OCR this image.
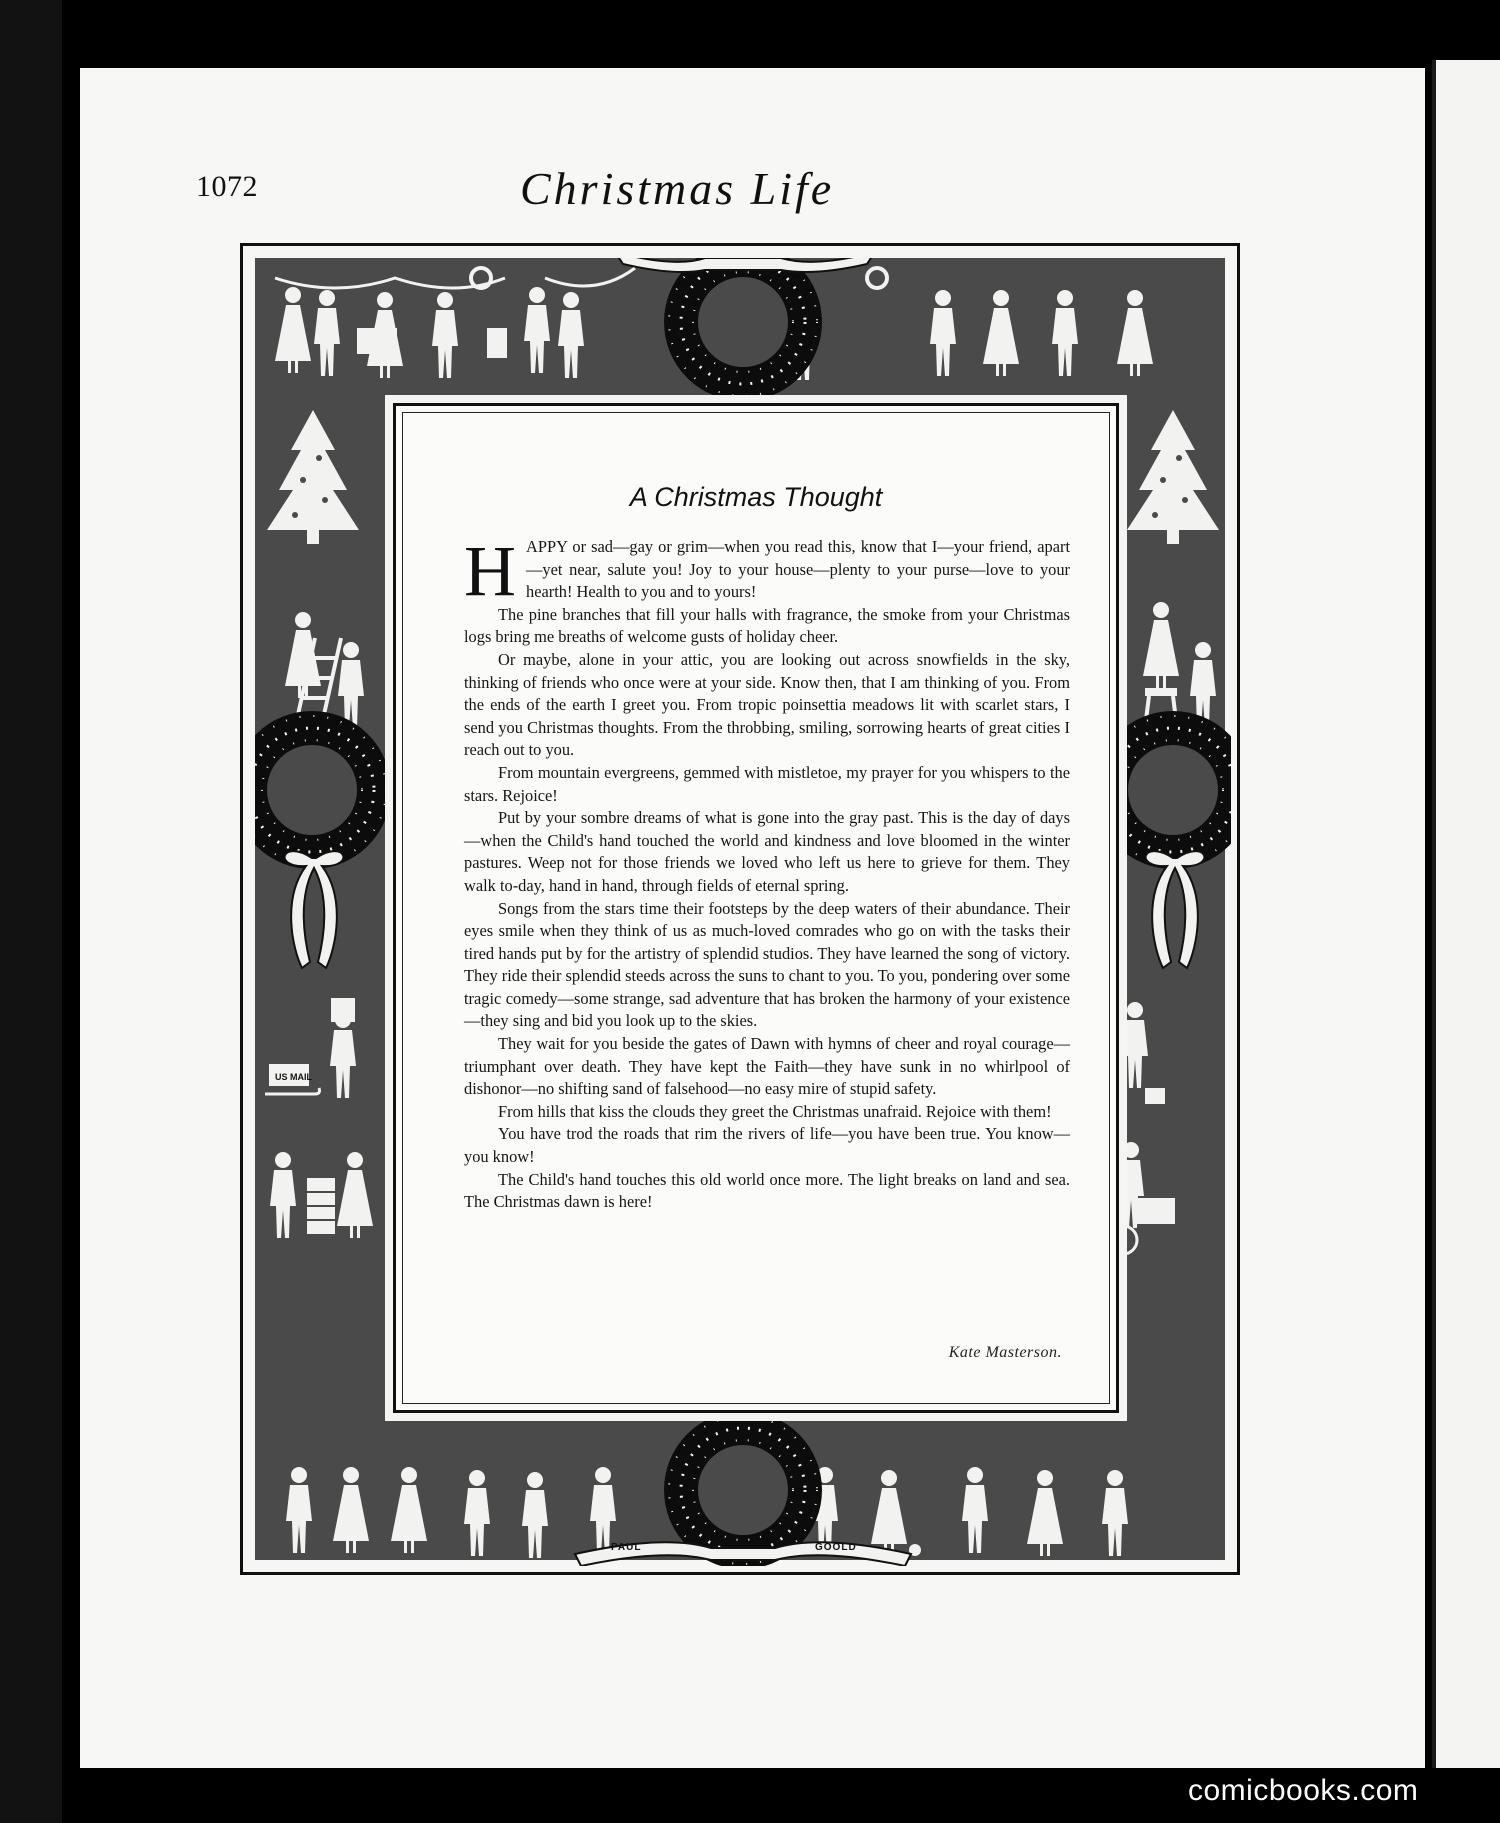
1072	Christmas Life
US MAIL
PAUL	GOOLD
A Christmas Thought

HAPPY or sad—gay or grim—when you read this, know that I—your friend, apart—yet near, salute you! Joy to your house—plenty to your purse—love to your hearth! Health to you and to yours!

The pine branches that fill your halls with fragrance, the smoke from your Christmas logs bring me breaths of welcome gusts of holiday cheer.

Or maybe, alone in your attic, you are looking out across snowfields in the sky, thinking of friends who once were at your side. Know then, that I am thinking of you. From the ends of the earth I greet you. From tropic poinsettia meadows lit with scarlet stars, I send you Christmas thoughts. From the throbbing, smiling, sorrowing hearts of great cities I reach out to you.

From mountain evergreens, gemmed with mistletoe, my prayer for you whispers to the stars. Rejoice!

Put by your sombre dreams of what is gone into the gray past. This is the day of days—when the Child's hand touched the world and kindness and love bloomed in the winter pastures. Weep not for those friends we loved who left us here to grieve for them. They walk to-day, hand in hand, through fields of eternal spring.

Songs from the stars time their footsteps by the deep waters of their abundance. Their eyes smile when they think of us as much-loved comrades who go on with the tasks their tired hands put by for the artistry of splendid studios. They have learned the song of victory. They ride their splendid steeds across the suns to chant to you. To you, pondering over some tragic comedy—some strange, sad adventure that has broken the harmony of your existence—they sing and bid you look up to the skies.

They wait for you beside the gates of Dawn with hymns of cheer and royal courage—triumphant over death. They have kept the Faith—they have sunk in no whirlpool of dishonor—no shifting sand of falsehood—no easy mire of stupid safety.

From hills that kiss the clouds they greet the Christmas unafraid. Rejoice with them!

You have trod the roads that rim the rivers of life—you have been true. You know—you know!

The Child's hand touches this old world once more. The light breaks on land and sea. The Christmas dawn is here!

Kate Masterson.
comicbooks.com
